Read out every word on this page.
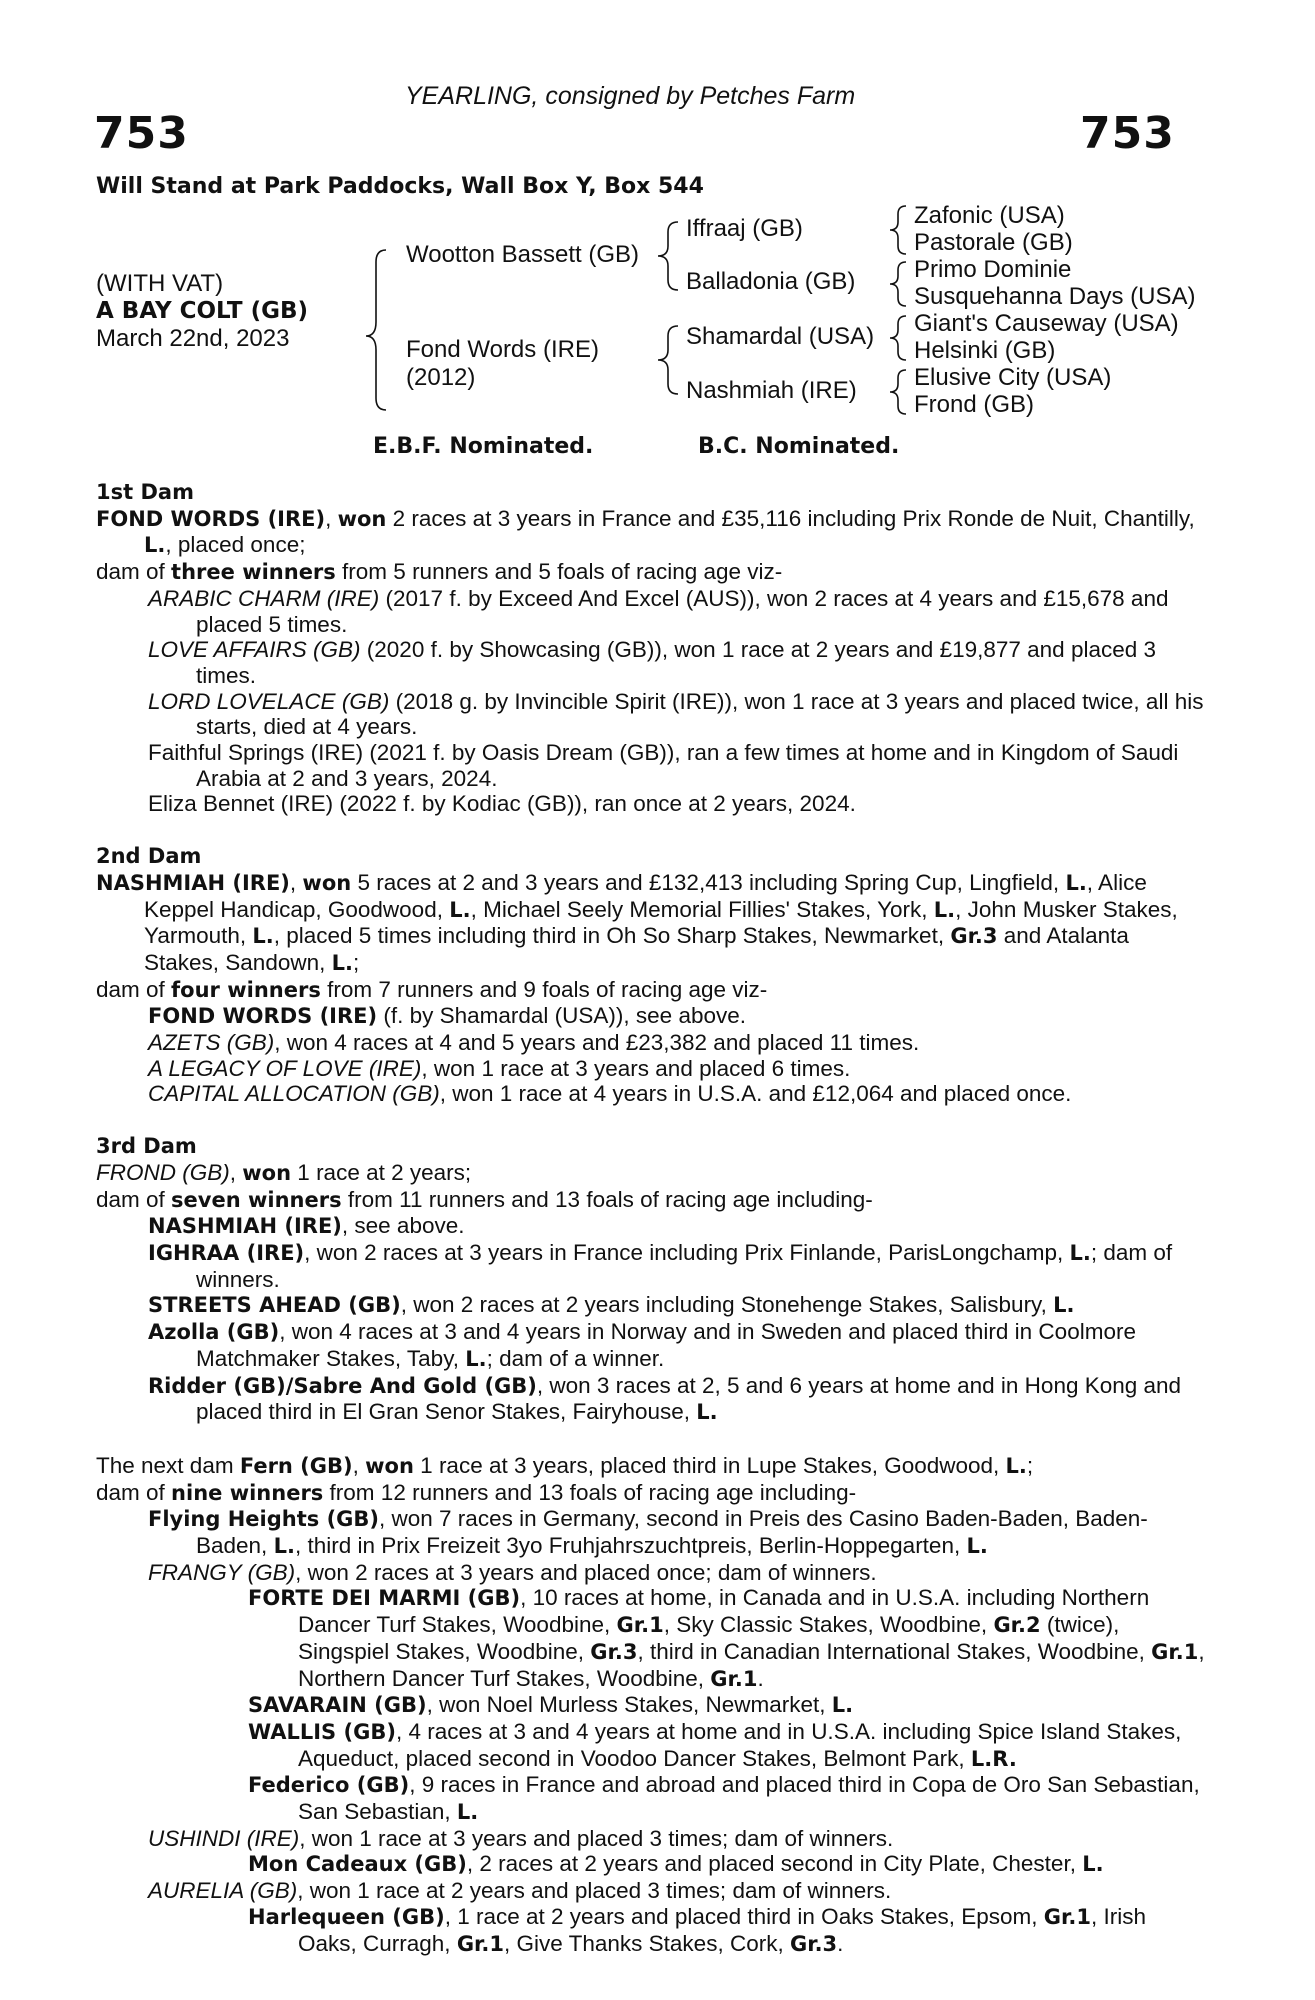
YEARLING, consigned by Petches Farm
753	753
Will Stand at Park Paddocks, Wall Box Y, Box 544
(WITH VAT)
A BAY COLT (GB)
March 22nd, 2023
Wootton Bassett (GB)
Fond Words (IRE)
(2012)
Iffraaj (GB)
Balladonia (GB)
Shamardal (USA)
Nashmiah (IRE)
Zafonic (USA)
Pastorale (GB)
Primo Dominie
Susquehanna Days (USA)
Giant's Causeway (USA)
Helsinki (GB)
Elusive City (USA)
Frond (GB)
E.B.F. Nominated.	B.C. Nominated.

1st Dam

FOND WORDS (IRE), won 2 races at 3 years in France and £35,116 including Prix Ronde de Nuit, Chantilly, L., placed once;

dam of three winners from 5 runners and 5 foals of racing age viz-

ARABIC CHARM (IRE) (2017 f. by Exceed And Excel (AUS)), won 2 races at 4 years and £15,678 and placed 5 times.

LOVE AFFAIRS (GB) (2020 f. by Showcasing (GB)), won 1 race at 2 years and £19,877 and placed 3 times.

LORD LOVELACE (GB) (2018 g. by Invincible Spirit (IRE)), won 1 race at 3 years and placed twice, all his starts, died at 4 years.

Faithful Springs (IRE) (2021 f. by Oasis Dream (GB)), ran a few times at home and in Kingdom of Saudi Arabia at 2 and 3 years, 2024.

Eliza Bennet (IRE) (2022 f. by Kodiac (GB)), ran once at 2 years, 2024.

2nd Dam

NASHMIAH (IRE), won 5 races at 2 and 3 years and £132,413 including Spring Cup, Lingfield, L., Alice Keppel Handicap, Goodwood, L., Michael Seely Memorial Fillies' Stakes, York, L., John Musker Stakes, Yarmouth, L., placed 5 times including third in Oh So Sharp Stakes, Newmarket, Gr.3 and Atalanta Stakes, Sandown, L.;

dam of four winners from 7 runners and 9 foals of racing age viz-

FOND WORDS (IRE) (f. by Shamardal (USA)), see above.

AZETS (GB), won 4 races at 4 and 5 years and £23,382 and placed 11 times.

A LEGACY OF LOVE (IRE), won 1 race at 3 years and placed 6 times.

CAPITAL ALLOCATION (GB), won 1 race at 4 years in U.S.A. and £12,064 and placed once.

3rd Dam

FROND (GB), won 1 race at 2 years;

dam of seven winners from 11 runners and 13 foals of racing age including-

NASHMIAH (IRE), see above.

IGHRAA (IRE), won 2 races at 3 years in France including Prix Finlande, ParisLongchamp, L.; dam of winners.

STREETS AHEAD (GB), won 2 races at 2 years including Stonehenge Stakes, Salisbury, L.

Azolla (GB), won 4 races at 3 and 4 years in Norway and in Sweden and placed third in Coolmore Matchmaker Stakes, Taby, L.; dam of a winner.

Ridder (GB)/Sabre And Gold (GB), won 3 races at 2, 5 and 6 years at home and in Hong Kong and placed third in El Gran Senor Stakes, Fairyhouse, L.

The next dam Fern (GB), won 1 race at 3 years, placed third in Lupe Stakes, Goodwood, L.;

dam of nine winners from 12 runners and 13 foals of racing age including-

Flying Heights (GB), won 7 races in Germany, second in Preis des Casino Baden-Baden, Baden-Baden, L., third in Prix Freizeit 3yo Fruhjahrszuchtpreis, Berlin-Hoppegarten, L.

FRANGY (GB), won 2 races at 3 years and placed once; dam of winners.

FORTE DEI MARMI (GB), 10 races at home, in Canada and in U.S.A. including Northern Dancer Turf Stakes, Woodbine, Gr.1, Sky Classic Stakes, Woodbine, Gr.2 (twice), Singspiel Stakes, Woodbine, Gr.3, third in Canadian International Stakes, Woodbine, Gr.1, Northern Dancer Turf Stakes, Woodbine, Gr.1.

SAVARAIN (GB), won Noel Murless Stakes, Newmarket, L.

WALLIS (GB), 4 races at 3 and 4 years at home and in U.S.A. including Spice Island Stakes, Aqueduct, placed second in Voodoo Dancer Stakes, Belmont Park, L.R.

Federico (GB), 9 races in France and abroad and placed third in Copa de Oro San Sebastian, San Sebastian, L.

USHINDI (IRE), won 1 race at 3 years and placed 3 times; dam of winners.

Mon Cadeaux (GB), 2 races at 2 years and placed second in City Plate, Chester, L.

AURELIA (GB), won 1 race at 2 years and placed 3 times; dam of winners.

Harlequeen (GB), 1 race at 2 years and placed third in Oaks Stakes, Epsom, Gr.1, Irish Oaks, Curragh, Gr.1, Give Thanks Stakes, Cork, Gr.3.
